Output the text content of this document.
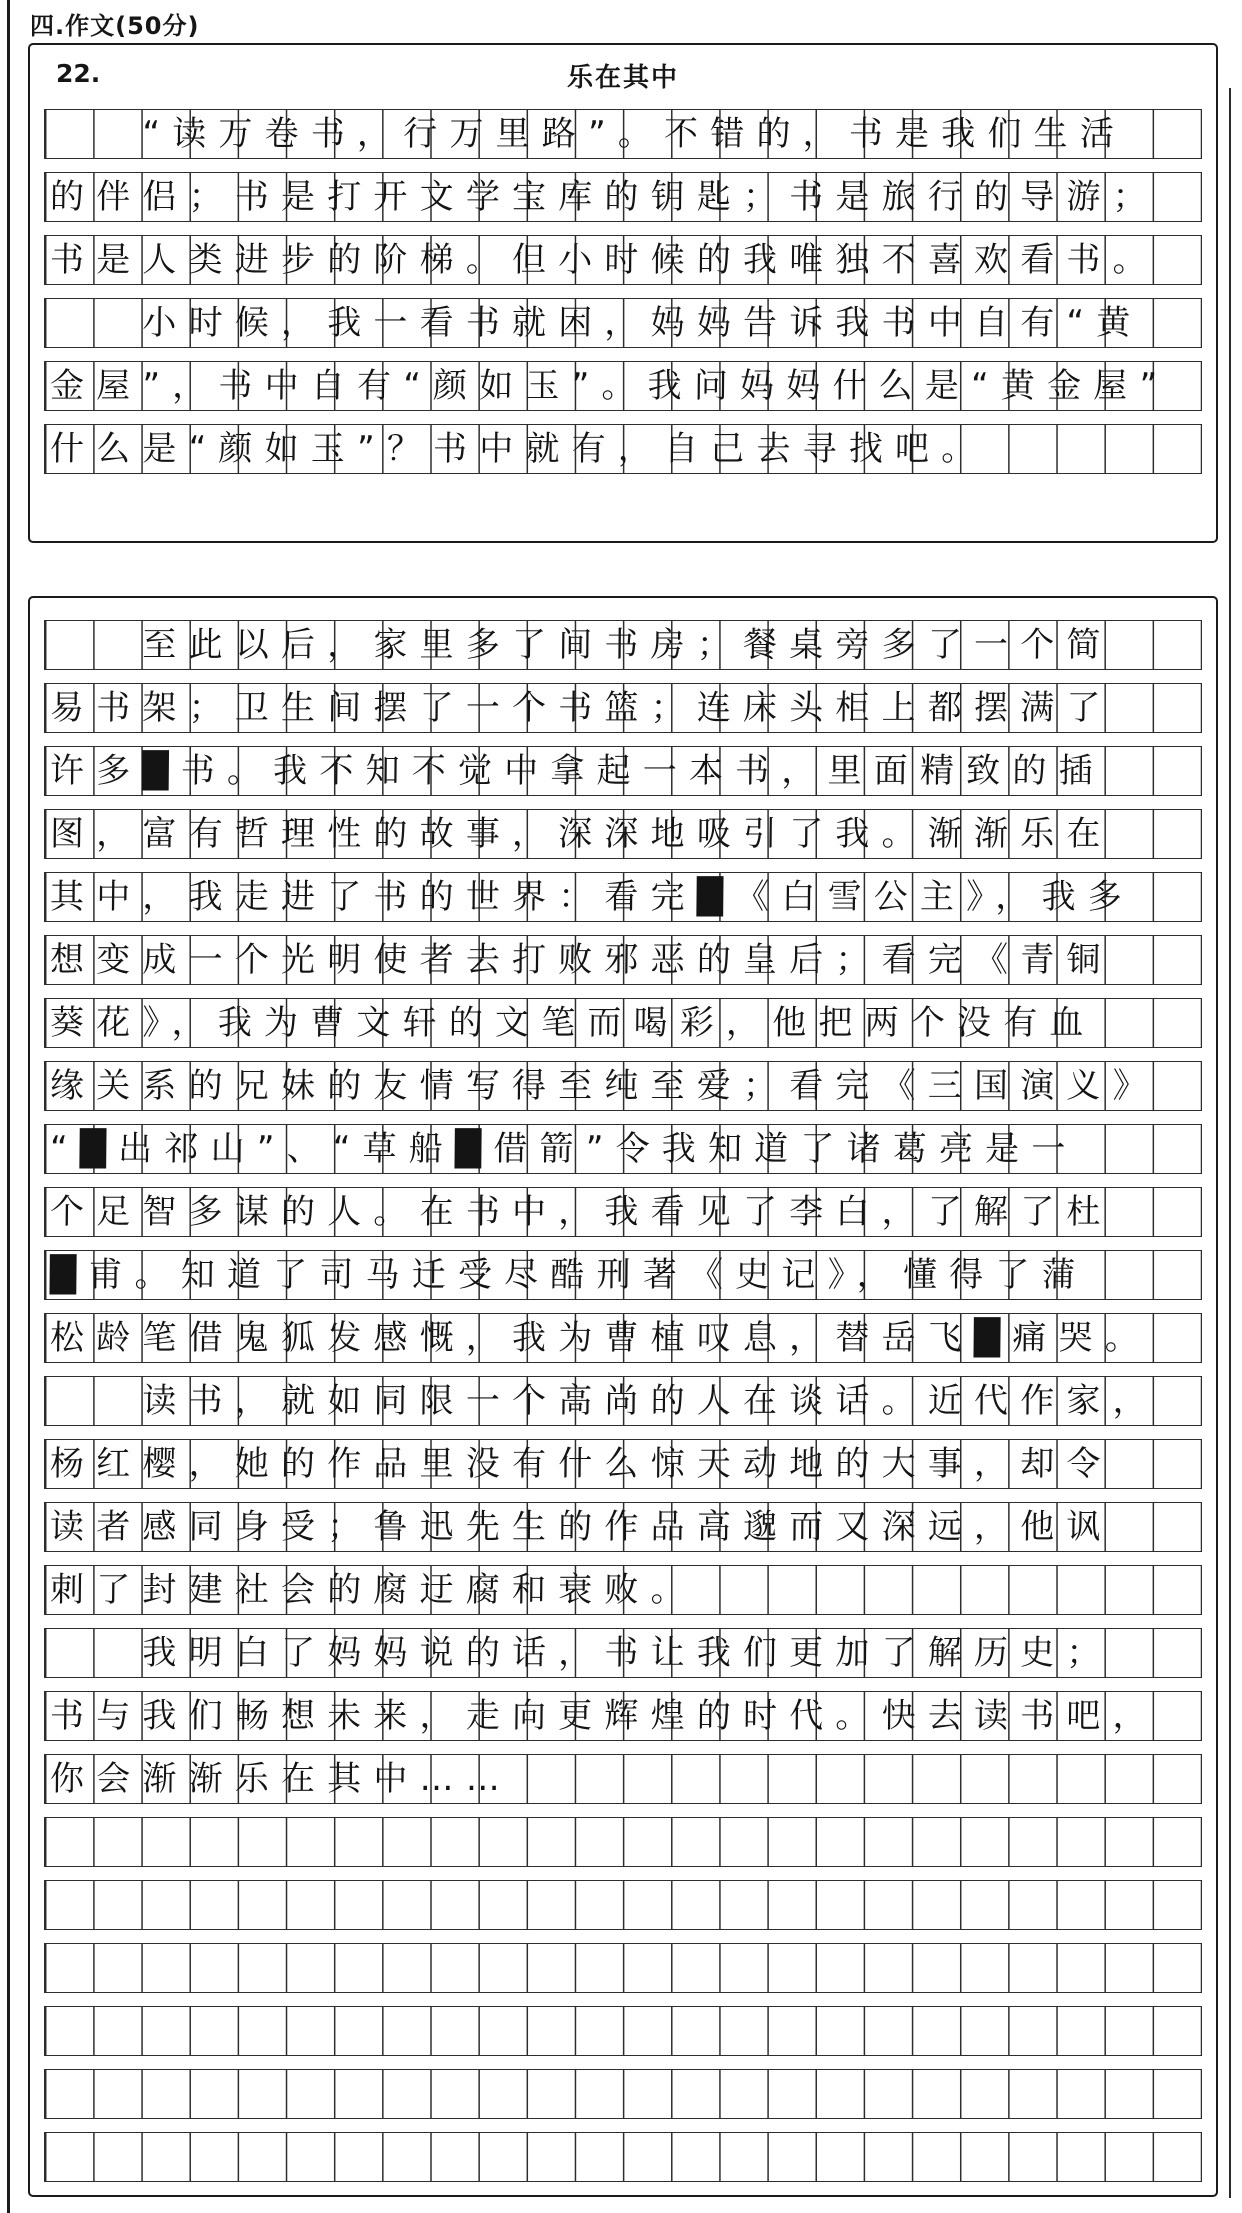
四.作文(50分)
22.	乐在其中
　　“读万卷书，行万里路”。不错的，书是我们生活
的伴侣；书是打开文学宝库的钥匙；书是旅行的导游；
书是人类进步的阶梯。但小时候的我唯独不喜欢看书。
　　小时候，我一看书就困，妈妈告诉我书中自有“黄
金屋”，书中自有“颜如玉”。我问妈妈什么是“黄金屋”
什么是“颜如玉”？书中就有，自己去寻找吧。
　　至此以后，家里多了间书房；餐桌旁多了一个简
易书架；卫生间摆了一个书篮；连床头柜上都摆满了
许多█书。我不知不觉中拿起一本书，里面精致的插
图，富有哲理性的故事，深深地吸引了我。渐渐乐在
其中，我走进了书的世界：看完█《白雪公主》，我多
想变成一个光明使者去打败邪恶的皇后；看完《青铜
葵花》，我为曹文轩的文笔而喝彩，他把两个没有血
缘关系的兄妹的友情写得至纯至爱；看完《三国演义》
“█出祁山”、“草船█借箭”令我知道了诸葛亮是一
个足智多谋的人。在书中，我看见了李白，了解了杜
█甫。知道了司马迁受尽酷刑著《史记》，懂得了蒲
松龄笔借鬼狐发感慨，我为曹植叹息，替岳飞█痛哭。
　　读书，就如同限一个高尚的人在谈话。近代作家，
杨红樱，她的作品里没有什么惊天动地的大事，却令
读者感同身受；鲁迅先生的作品高邈而又深远，他讽
刺了封建社会的腐迂腐和衰败。
　　我明白了妈妈说的话，书让我们更加了解历史；
书与我们畅想未来，走向更辉煌的时代。快去读书吧，
你会渐渐乐在其中……
